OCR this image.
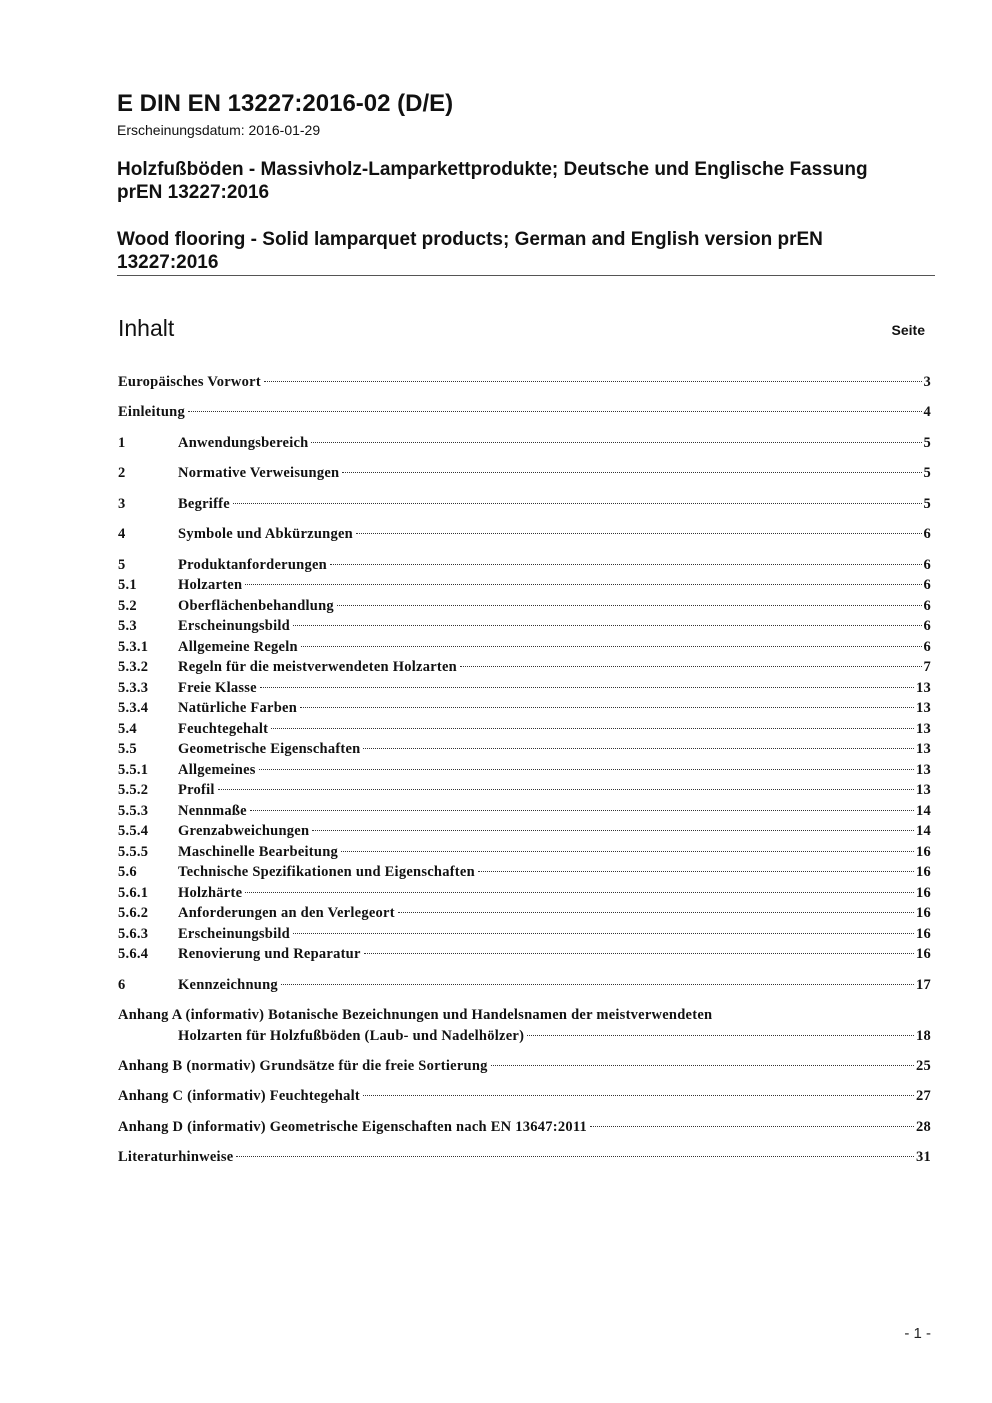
E DIN EN 13227:2016-02 (D/E)
Erscheinungsdatum: 2016-01-29
Holzfußböden - Massivholz-Lamparkettprodukte; Deutsche und Englische Fassung prEN 13227:2016
Wood flooring - Solid lamparquet products; German and English version prEN 13227:2016
Inhalt	Seite
Europäisches Vorwort	3
Einleitung	4
1	Anwendungsbereich	5
2	Normative Verweisungen	5
3	Begriffe	5
4	Symbole und Abkürzungen	6
5	Produktanforderungen	6
5.1	Holzarten	6
5.2	Oberflächenbehandlung	6
5.3	Erscheinungsbild	6
5.3.1	Allgemeine Regeln	6
5.3.2	Regeln für die meistverwendeten Holzarten	7
5.3.3	Freie Klasse	13
5.3.4	Natürliche Farben	13
5.4	Feuchtegehalt	13
5.5	Geometrische Eigenschaften	13
5.5.1	Allgemeines	13
5.5.2	Profil	13
5.5.3	Nennmaße	14
5.5.4	Grenzabweichungen	14
5.5.5	Maschinelle Bearbeitung	16
5.6	Technische Spezifikationen und Eigenschaften	16
5.6.1	Holzhärte	16
5.6.2	Anforderungen an den Verlegeort	16
5.6.3	Erscheinungsbild	16
5.6.4	Renovierung und Reparatur	16
6	Kennzeichnung	17
Anhang A (informativ) Botanische Bezeichnungen und Handelsnamen der meistverwendeten
Holzarten für Holzfußböden (Laub- und Nadelhölzer)	18
Anhang B (normativ) Grundsätze für die freie Sortierung	25
Anhang C (informativ) Feuchtegehalt	27
Anhang D (informativ) Geometrische Eigenschaften nach EN 13647:2011	28
Literaturhinweise	31
- 1 -
